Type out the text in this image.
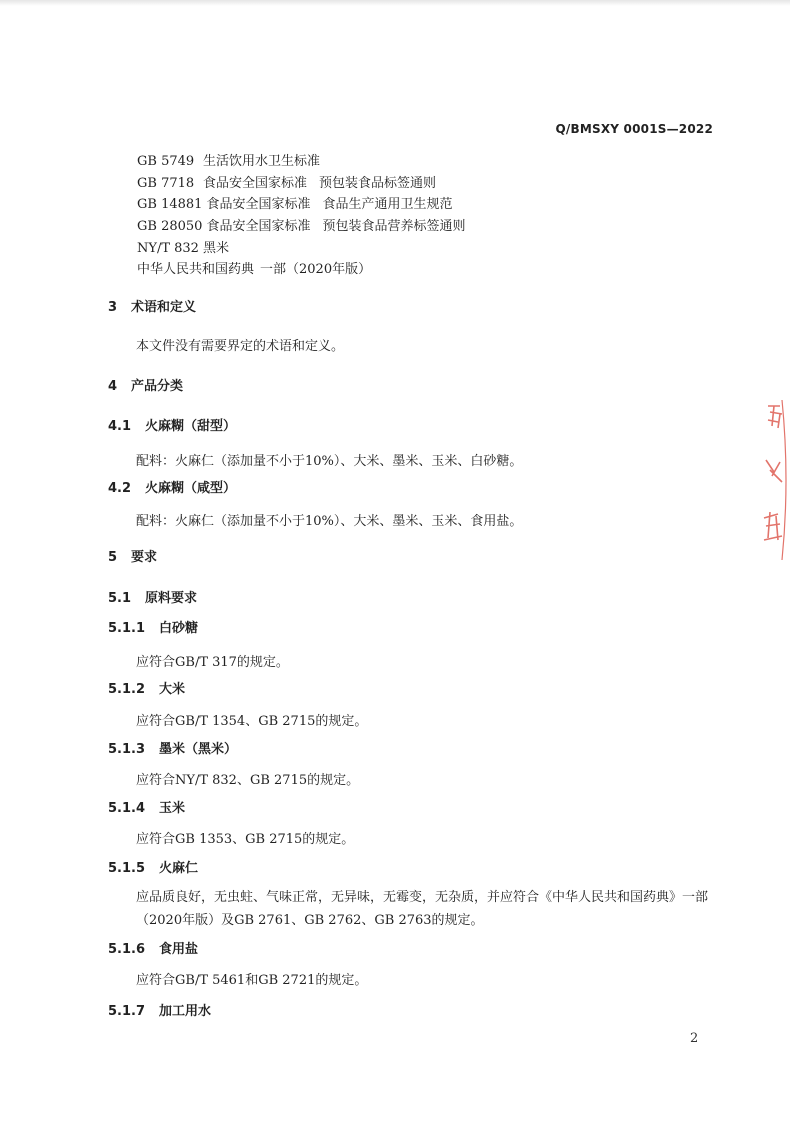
Q/BMSXY 0001S—2022
GB 5749 生活饮用水卫生标准
GB 7718 食品安全国家标准 预包装食品标签通则
GB 14881 食品安全国家标准 食品生产通用卫生规范
GB 28050 食品安全国家标准 预包装食品营养标签通则
NY/T 832 黑米
中华人民共和国药典 一部（2020年版）
3 术语和定义
本文件没有需要界定的术语和定义。
4 产品分类
4.1 火麻糊（甜型）
配料：火麻仁（添加量不小于10%）、大米、墨米、玉米、白砂糖。
4.2 火麻糊（咸型）
配料：火麻仁（添加量不小于10%）、大米、墨米、玉米、食用盐。
5 要求
5.1 原料要求
5.1.1 白砂糖
应符合GB/T 317的规定。
5.1.2 大米
应符合GB/T 1354、GB 2715的规定。
5.1.3 墨米（黑米）
应符合NY/T 832、GB 2715的规定。
5.1.4 玉米
应符合GB 1353、GB 2715的规定。
5.1.5 火麻仁
应品质良好，无虫蛀、气味正常，无异味，无霉变，无杂质，并应符合《中华人民共和国药典》一部（2020年版）及GB 2761、GB 2762、GB 2763的规定。
5.1.6 食用盐
应符合GB/T 5461和GB 2721的规定。
5.1.7 加工用水
2
